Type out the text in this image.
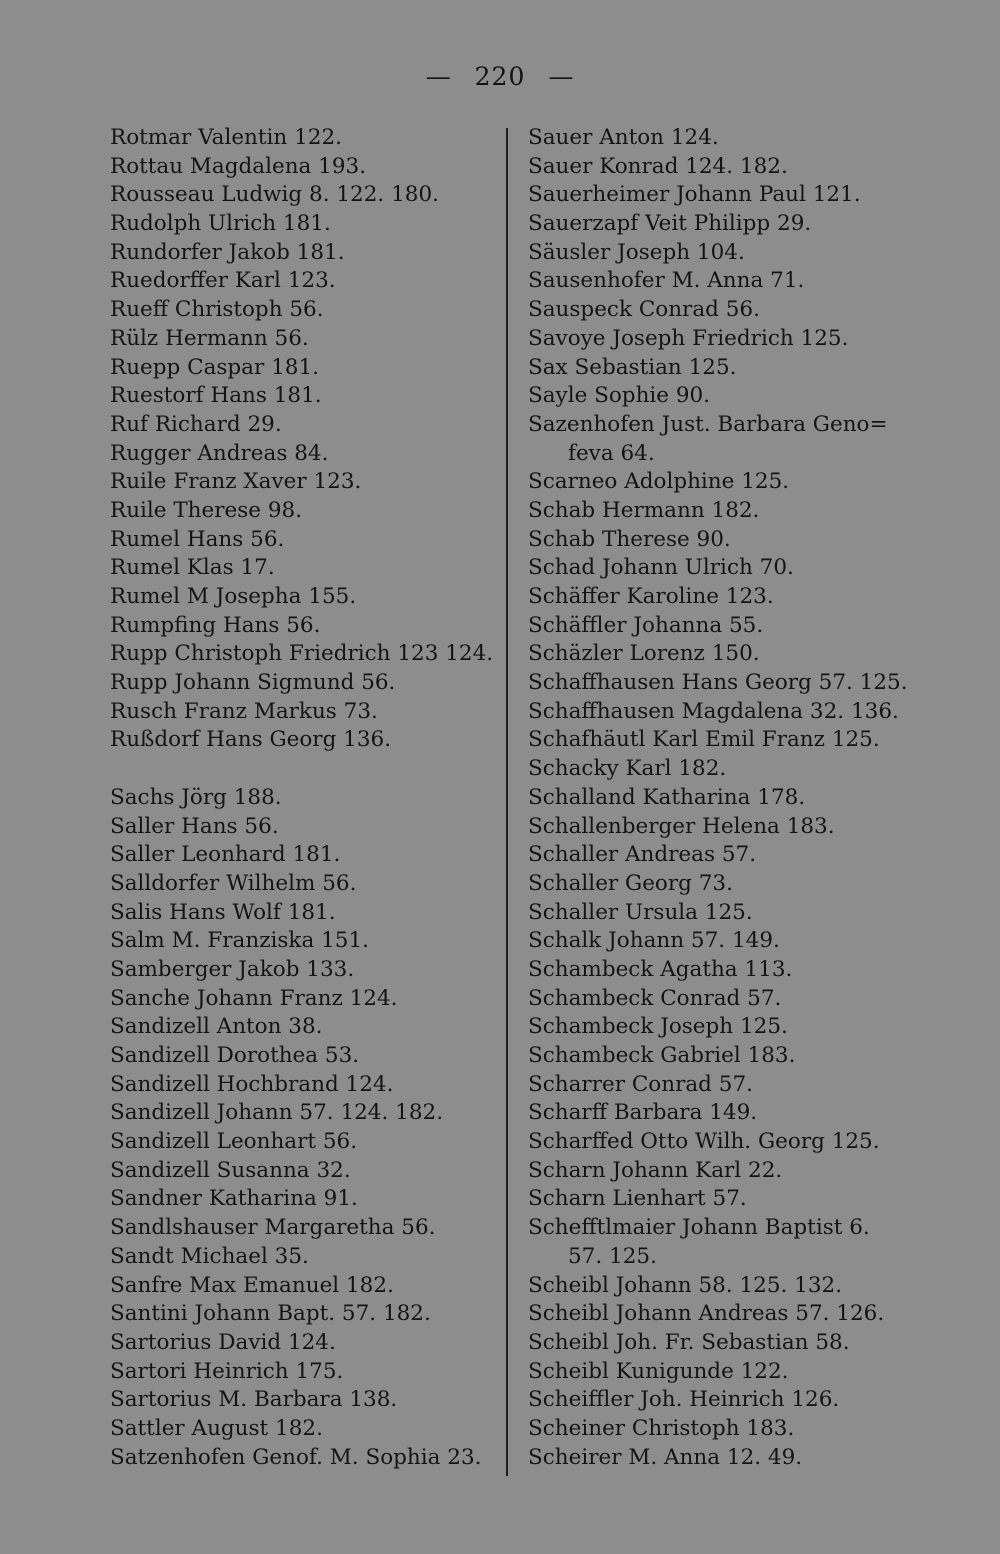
— 220 —
Rotmar Valentin 122.
Rottau Magdalena 193.
Rousseau Ludwig 8. 122. 180.
Rudolph Ulrich 181.
Rundorfer Jakob 181.
Ruedorffer Karl 123.
Rueff Christoph 56.
Rülz Hermann 56.
Ruepp Caspar 181.
Ruestorf Hans 181.
Ruf Richard 29.
Rugger Andreas 84.
Ruile Franz Xaver 123.
Ruile Therese 98.
Rumel Hans 56.
Rumel Klas 17.
Rumel M Josepha 155.
Rumpfing Hans 56.
Rupp Christoph Friedrich 123 124.
Rupp Johann Sigmund 56.
Rusch Franz Markus 73.
Rußdorf Hans Georg 136.
Sachs Jörg 188.
Saller Hans 56.
Saller Leonhard 181.
Salldorfer Wilhelm 56.
Salis Hans Wolf 181.
Salm M. Franziska 151.
Samberger Jakob 133.
Sanche Johann Franz 124.
Sandizell Anton 38.
Sandizell Dorothea 53.
Sandizell Hochbrand 124.
Sandizell Johann 57. 124. 182.
Sandizell Leonhart 56.
Sandizell Susanna 32.
Sandner Katharina 91.
Sandlshauser Margaretha 56.
Sandt Michael 35.
Sanfre Max Emanuel 182.
Santini Johann Bapt. 57. 182.
Sartorius David 124.
Sartori Heinrich 175.
Sartorius M. Barbara 138.
Sattler August 182.
Satzenhofen Genof. M. Sophia 23.
Sauer Anton 124.
Sauer Konrad 124. 182.
Sauerheimer Johann Paul 121.
Sauerzapf Veit Philipp 29.
Säusler Joseph 104.
Sausenhofer M. Anna 71.
Sauspeck Conrad 56.
Savoye Joseph Friedrich 125.
Sax Sebastian 125.
Sayle Sophie 90.
Sazenhofen Just. Barbara Geno=
feva 64.
Scarneo Adolphine 125.
Schab Hermann 182.
Schab Therese 90.
Schad Johann Ulrich 70.
Schäffer Karoline 123.
Schäffler Johanna 55.
Schäzler Lorenz 150.
Schaffhausen Hans Georg 57. 125.
Schaffhausen Magdalena 32. 136.
Schafhäutl Karl Emil Franz 125.
Schacky Karl 182.
Schalland Katharina 178.
Schallenberger Helena 183.
Schaller Andreas 57.
Schaller Georg 73.
Schaller Ursula 125.
Schalk Johann 57. 149.
Schambeck Agatha 113.
Schambeck Conrad 57.
Schambeck Joseph 125.
Schambeck Gabriel 183.
Scharrer Conrad 57.
Scharff Barbara 149.
Scharffed Otto Wilh. Georg 125.
Scharn Johann Karl 22.
Scharn Lienhart 57.
Schefftlmaier Johann Baptist 6.
57. 125.
Scheibl Johann 58. 125. 132.
Scheibl Johann Andreas 57. 126.
Scheibl Joh. Fr. Sebastian 58.
Scheibl Kunigunde 122.
Scheiffler Joh. Heinrich 126.
Scheiner Christoph 183.
Scheirer M. Anna 12. 49.
